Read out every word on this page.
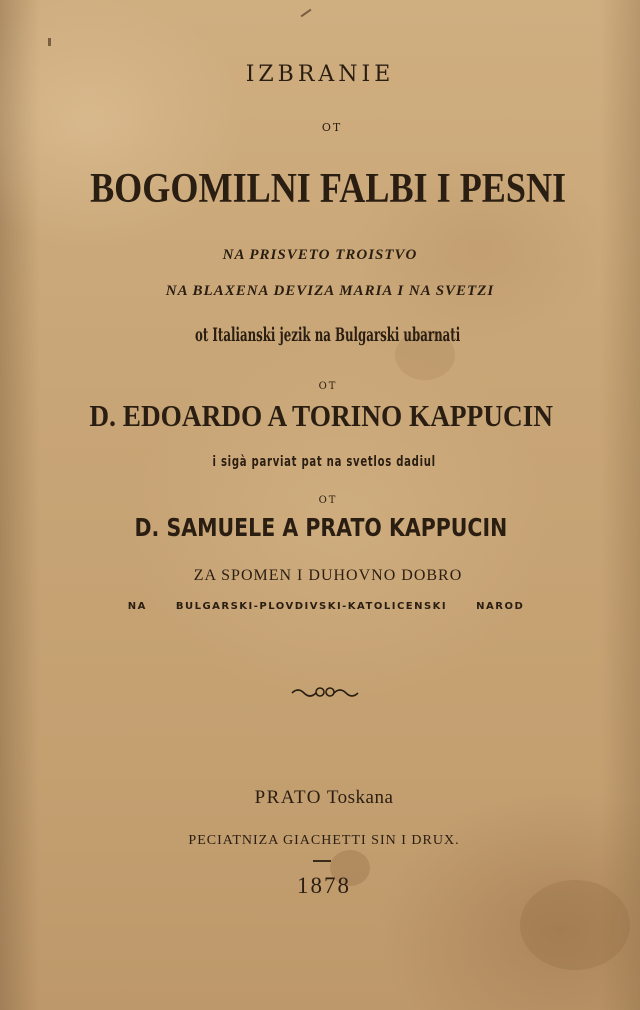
IZBRANIE
OT
BOGOMILNI FALBI I PESNI
NA PRISVETO TROISTVO
NA BLAXENA DEVIZA MARIA I NA SVETZI
ot Italianski jezik na Bulgarski ubarnati
OT
D. EDOARDO A TORINO KAPPUCIN
i sigà parviat pat na svetlos dadiul
OT
D. SAMUELE A PRATO KAPPUCIN
ZA SPOMEN I DUHOVNO DOBRO
NA	BULGARSKI-PLOVDIVSKI-KATOLICENSKI	NAROD
PRATO Toskana
PECIATNIZA GIACHETTI SIN I DRUX.
1878
